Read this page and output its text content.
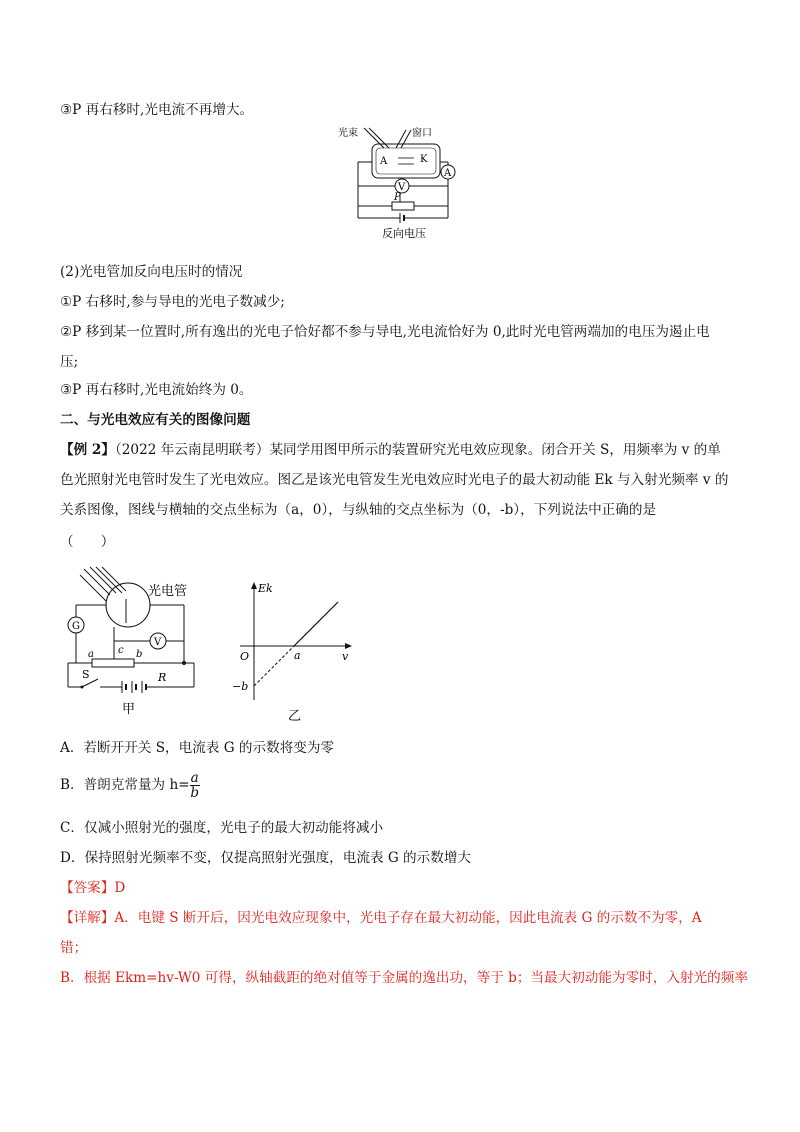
③P 再右移时,光电流不再增大。
光束	窗口
A	K
A
V
P
反向电压
(2)光电管加反向电压时的情况
①P 右移时,参与导电的光电子数减少;
②P 移到某一位置时,所有逸出的光电子恰好都不参与导电,光电流恰好为 0,此时光电管两端加的电压为遏止电
压;
③P 再右移时,光电流始终为 0。
二、与光电效应有关的图像问题
【例 2】（2022 年云南昆明联考）某同学用图甲所示的装置研究光电效应现象。闭合开关 S，用频率为 v 的单
色光照射光电管时发生了光电效应。图乙是该光电管发生光电效应时光电子的最大初动能 Ek 与入射光频率 v 的
关系图像，图线与横轴的交点坐标为（a，0），与纵轴的交点坐标为（0，-b），下列说法中正确的是
（　　）
光电管
G
V
a	b
c
S	R
甲
Ek
O	a	v
−b
乙
A．若断开开关 S，电流表 G 的示数将变为零
B．普朗克常量为 $h= \frac{a}{b}$
C．仅减小照射光的强度，光电子的最大初动能将减小
D．保持照射光频率不变，仅提高照射光强度，电流表 G 的示数增大
【答案】D
【详解】A．电键 S 断开后，因光电效应现象中，光电子存在最大初动能，因此电流表 G 的示数不为零，A
错；
B．根据 Ekm=hv-W0 可得，纵轴截距的绝对值等于金属的逸出功，等于 b；当最大初动能为零时，入射光的频率
